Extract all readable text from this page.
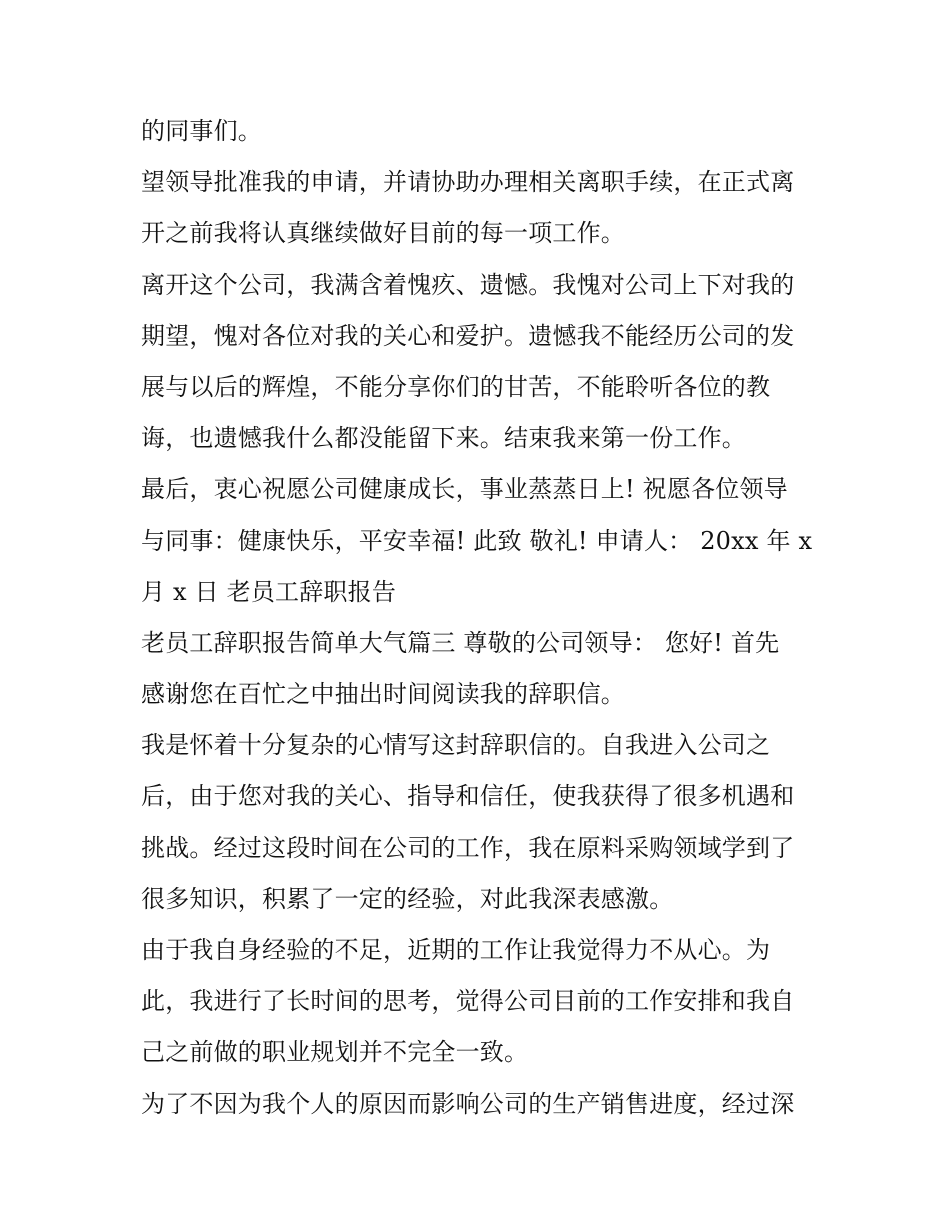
的同事们。
望领导批准我的申请，并请协助办理相关离职手续，在正式离
开之前我将认真继续做好目前的每一项工作。
离开这个公司，我满含着愧疚、遗憾。我愧对公司上下对我的
期望，愧对各位对我的关心和爱护。遗憾我不能经历公司的发
展与以后的辉煌，不能分享你们的甘苦，不能聆听各位的教
诲，也遗憾我什么都没能留下来。结束我来第一份工作。
最后，衷心祝愿公司健康成长，事业蒸蒸日上! 祝愿各位领导
与同事：健康快乐，平安幸福! 此致 敬礼! 申请人： 20xx 年 x
月 x 日 老员工辞职报告
老员工辞职报告简单大气篇三 尊敬的公司领导： 您好! 首先
感谢您在百忙之中抽出时间阅读我的辞职信。
我是怀着十分复杂的心情写这封辞职信的。自我进入公司之
后，由于您对我的关心、指导和信任，使我获得了很多机遇和
挑战。经过这段时间在公司的工作，我在原料采购领域学到了
很多知识，积累了一定的经验，对此我深表感激。
由于我自身经验的不足，近期的工作让我觉得力不从心。为
此，我进行了长时间的思考，觉得公司目前的工作安排和我自
己之前做的职业规划并不完全一致。
为了不因为我个人的原因而影响公司的生产销售进度，经过深
